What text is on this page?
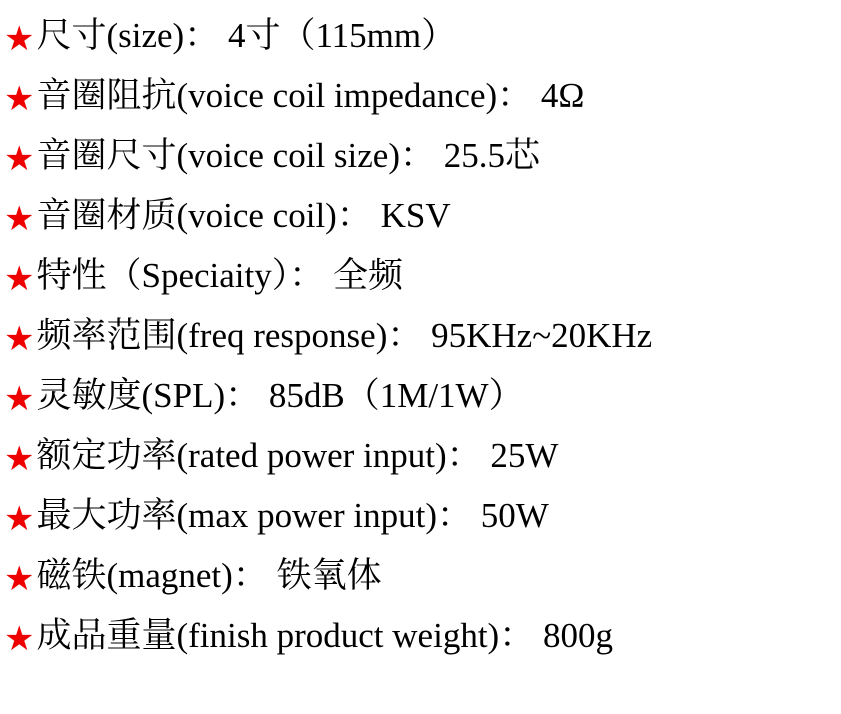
★ 尺寸(size)： 4寸（115mm）
★ 音圈阻抗(voice coil impedance)： 4Ω
★ 音圈尺寸(voice coil size)： 25.5芯
★ 音圈材质(voice coil)： KSV
★ 特性（Speciaity）： 全频
★ 频率范围(freq response)： 95KHz~20KHz
★ 灵敏度(SPL)： 85dB（1M/1W）
★ 额定功率(rated power input)： 25W
★ 最大功率(max power input)： 50W
★ 磁铁(magnet)： 铁氧体
★ 成品重量(finish product weight)： 800g
